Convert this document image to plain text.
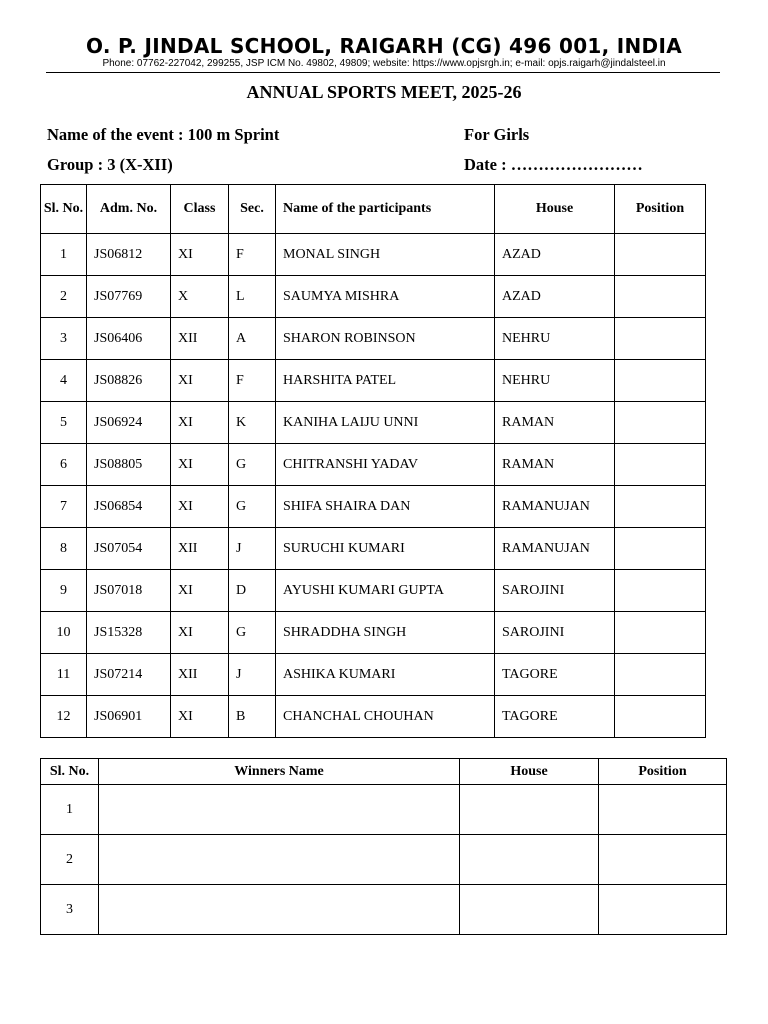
O. P. JINDAL SCHOOL, RAIGARH (CG) 496 001, INDIA
Phone: 07762-227042, 299255, JSP ICM No. 49802, 49809; website: https://www.opjsrgh.in; e-mail: opjs.raigarh@jindalsteel.in
ANNUAL SPORTS MEET, 2025-26
Name of the event : 100 m Sprint	For Girls
Group : 3 (X-XII)	Date : ……………………
Sl. No.	Adm. No.	Class	Sec.	Name of the participants	House	Position
1	JS06812	XI	F	MONAL SINGH	AZAD	
2	JS07769	X	L	SAUMYA MISHRA	AZAD	
3	JS06406	XII	A	SHARON ROBINSON	NEHRU	
4	JS08826	XI	F	HARSHITA PATEL	NEHRU	
5	JS06924	XI	K	KANIHA LAIJU UNNI	RAMAN	
6	JS08805	XI	G	CHITRANSHI YADAV	RAMAN	
7	JS06854	XI	G	SHIFA SHAIRA DAN	RAMANUJAN	
8	JS07054	XII	J	SURUCHI KUMARI	RAMANUJAN	
9	JS07018	XI	D	AYUSHI KUMARI GUPTA	SAROJINI	
10	JS15328	XI	G	SHRADDHA SINGH	SAROJINI	
11	JS07214	XII	J	ASHIKA KUMARI	TAGORE	
12	JS06901	XI	B	CHANCHAL CHOUHAN	TAGORE	
Sl. No.	Winners Name	House	Position
1			
2			
3			
